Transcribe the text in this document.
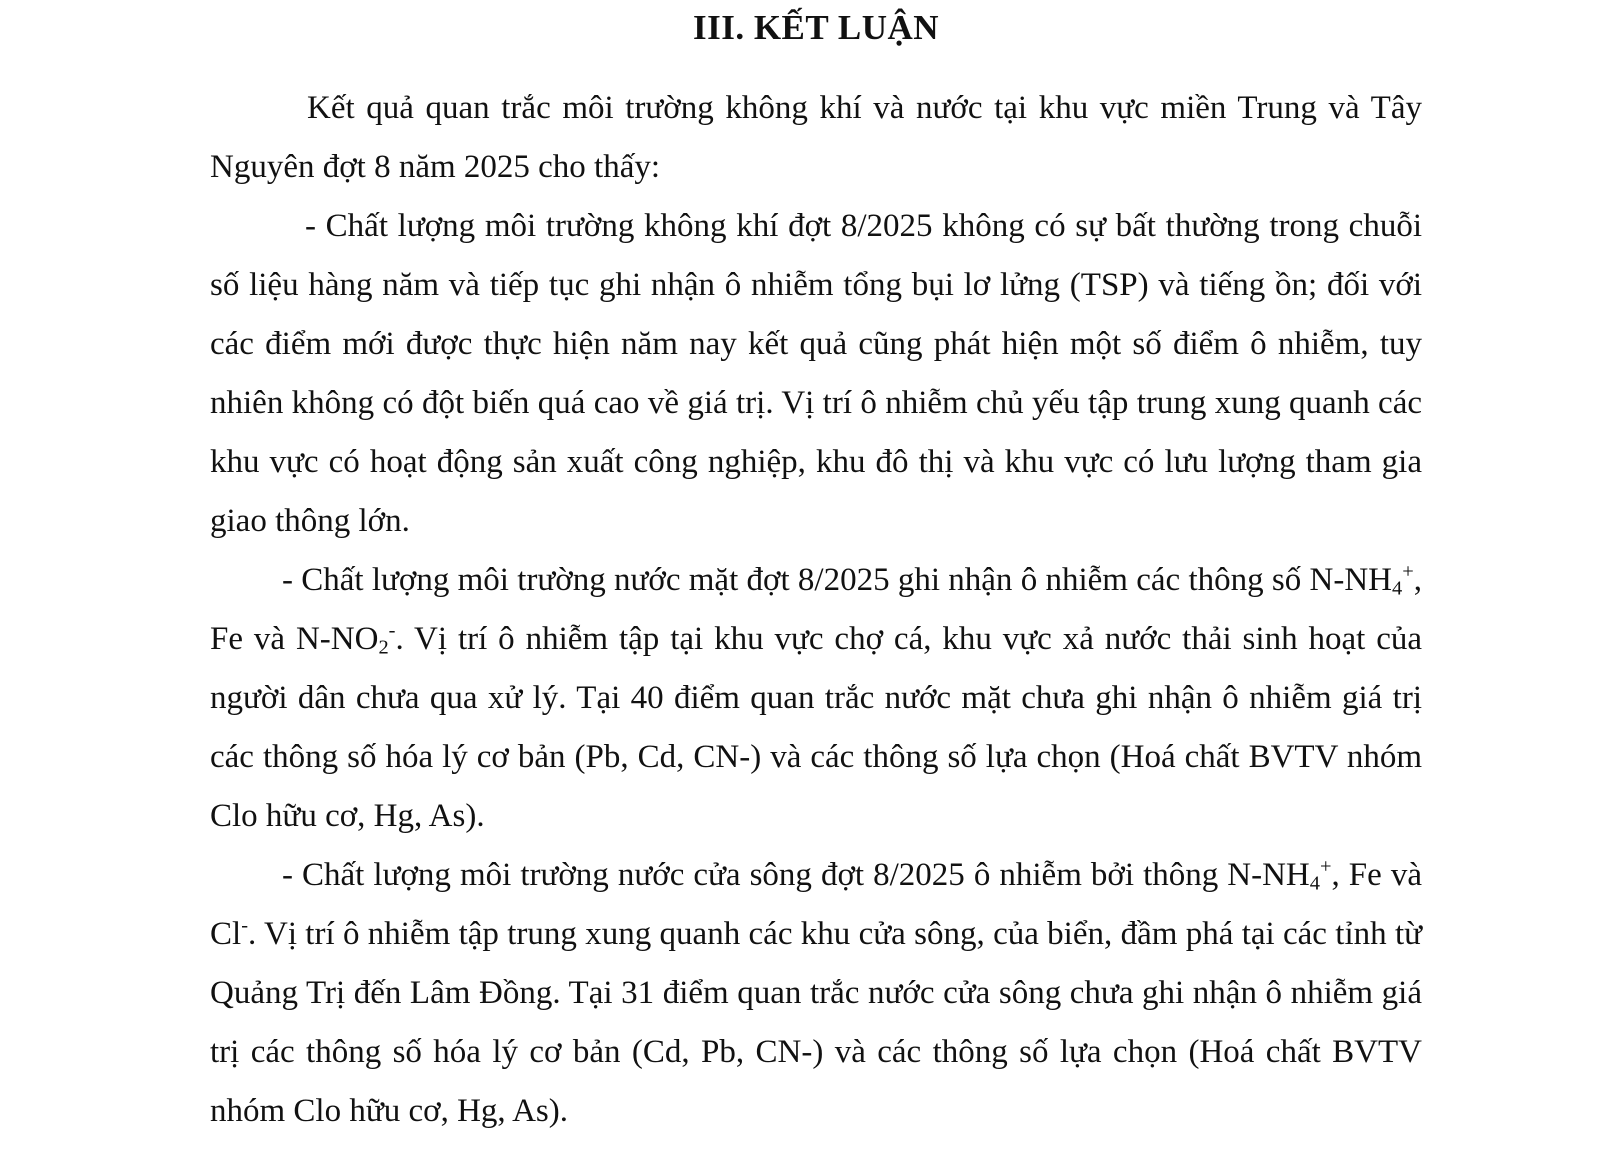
III. KẾT LUẬN

Kết quả quan trắc môi trường không khí và nước tại khu vực miền Trung và Tây Nguyên đợt 8 năm 2025 cho thấy:

- Chất lượng môi trường không khí đợt 8/2025 không có sự bất thường trong chuỗi số liệu hàng năm và tiếp tục ghi nhận ô nhiễm tổng bụi lơ lửng (TSP) và tiếng ồn; đối với các điểm mới được thực hiện năm nay kết quả cũng phát hiện một số điểm ô nhiễm, tuy nhiên không có đột biến quá cao về giá trị. Vị trí ô nhiễm chủ yếu tập trung xung quanh các khu vực có hoạt động sản xuất công nghiệp, khu đô thị và khu vực có lưu lượng tham gia giao thông lớn.

- Chất lượng môi trường nước mặt đợt 8/2025 ghi nhận ô nhiễm các thông số $N-NH_4^+$, Fe và $N-NO_2^-$. Vị trí ô nhiễm tập tại khu vực chợ cá, khu vực xả nước thải sinh hoạt của người dân chưa qua xử lý. Tại 40 điểm quan trắc nước mặt chưa ghi nhận ô nhiễm giá trị các thông số hóa lý cơ bản (Pb, Cd, CN-) và các thông số lựa chọn (Hoá chất BVTV nhóm Clo hữu cơ, Hg, As).

- Chất lượng môi trường nước cửa sông đợt 8/2025 ô nhiễm bởi thông $N-NH_4^+$, Fe và Cl-. Vị trí ô nhiễm tập trung xung quanh các khu cửa sông, của biển, đầm phá tại các tỉnh từ Quảng Trị đến Lâm Đồng. Tại 31 điểm quan trắc nước cửa sông chưa ghi nhận ô nhiễm giá trị các thông số hóa lý cơ bản (Cd, Pb, CN-) và các thông số lựa chọn (Hoá chất BVTV nhóm Clo hữu cơ, Hg, As).
